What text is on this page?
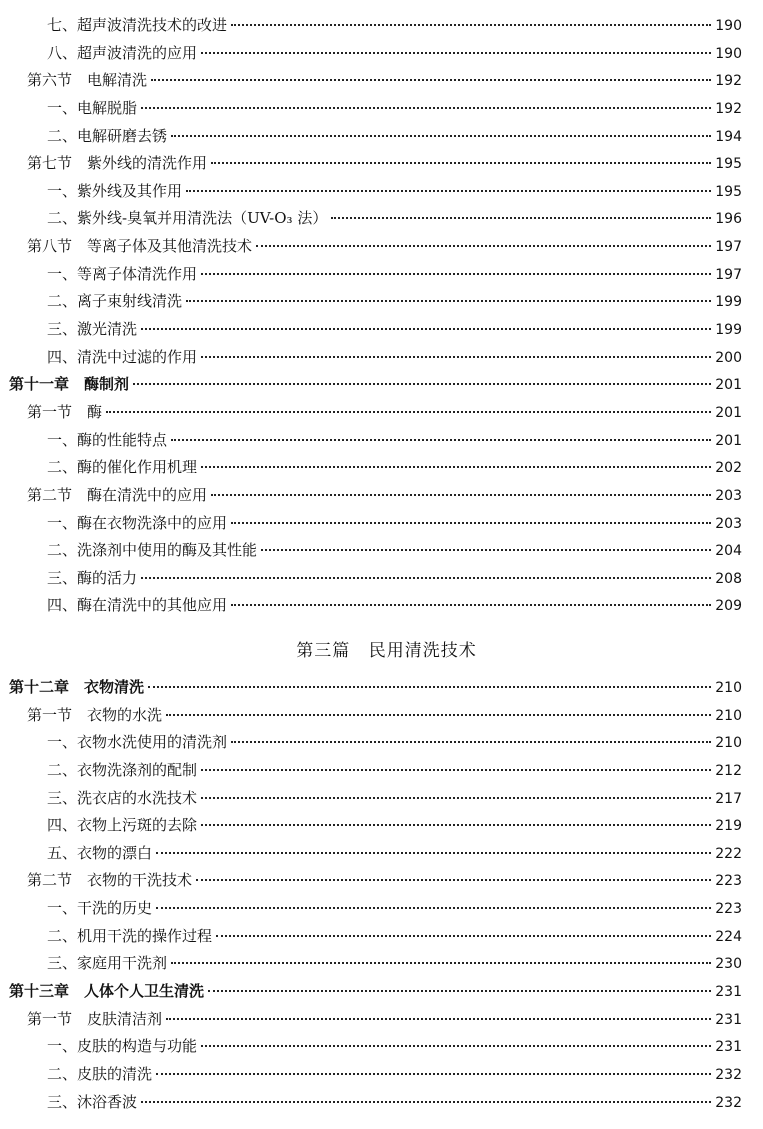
七、超声波清洗技术的改进	190
八、超声波清洗的应用	190
第六节　电解清洗	192
一、电解脱脂	192
二、电解研磨去锈	194
第七节　紫外线的清洗作用	195
一、紫外线及其作用	195
二、紫外线-臭氧并用清洗法（UV-O₃ 法）	196
第八节　等离子体及其他清洗技术	197
一、等离子体清洗作用	197
二、离子束射线清洗	199
三、激光清洗	199
四、清洗中过滤的作用	200
第十一章　酶制剂	201
第一节　酶	201
一、酶的性能特点	201
二、酶的催化作用机理	202
第二节　酶在清洗中的应用	203
一、酶在衣物洗涤中的应用	203
二、洗涤剂中使用的酶及其性能	204
三、酶的活力	208
四、酶在清洗中的其他应用	209
第三篇 民用清洗技术
第十二章　衣物清洗	210
第一节　衣物的水洗	210
一、衣物水洗使用的清洗剂	210
二、衣物洗涤剂的配制	212
三、洗衣店的水洗技术	217
四、衣物上污斑的去除	219
五、衣物的漂白	222
第二节　衣物的干洗技术	223
一、干洗的历史	223
二、机用干洗的操作过程	224
三、家庭用干洗剂	230
第十三章　人体个人卫生清洗	231
第一节　皮肤清洁剂	231
一、皮肤的构造与功能	231
二、皮肤的清洗	232
三、沐浴香波	232
